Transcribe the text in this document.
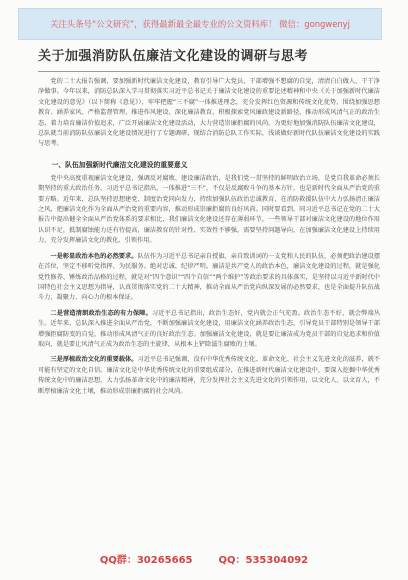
关注头条号“公文研究”，获得最新最全最专业的公文资料库！ 微信：gongwenyj
关于加强消防队伍廉洁文化建设的调研与思考

党的二十大报告强调，要加强新时代廉洁文化建设，教育引导广大党员、干部增强不想腐的自觉，清清白白做人、干干净净做事。今年以来，消防总队深入学习贯彻落实习近平总书记关于廉洁文化建设的重要论述精神和中央《关于加强新时代廉洁文化建设的意见》（以下简称《意见》），牢牢把握“三不腐”一体推进理念，充分发挥红色资源和传统文化优势，围绕加强思想教育、涵养家风、严格监督管理、推进作风建设、深化廉洁教育，积极探索党风廉政建设新路径，推动形成风清气正的政治生态，着力培育廉洁价值追求，广泛开展廉洁文化建设活动，大力营造崇廉拒腐的风尚。为更好地加强消防队伍廉洁文化建设，总队就当前消防队伍廉洁文化建设情况进行了专题调研，现结合消防总队工作实际，浅谈做好新时代队伍廉洁文化建设的实践与思考。

一、队伍加强新时代廉洁文化建设的重要意义

党中央高度重视廉洁文化建设，强调反对腐败、建设廉洁政治，是我们党一贯坚持的鲜明政治立场，是党自我革命必须长期坚持的重大政治任务。习近平总书记指出，一体推进“三不”，不仅是反腐败斗争的基本方针，也是新时代全面从严治党的重要方略。近年来，总队坚持思想建党、制度治党同向发力，持续加强队伍政治忠诚教育，在消防救援队伍中大力弘扬清正廉洁之风，把廉洁文化作为全面从严治党的重要内容，推动形成崇廉拒腐的良好风尚。同时要看到，同习近平总书记在党的二十大报告中提出健全全面从严治党体系的要求相比，我们廉洁文化建设还存在薄弱环节，一些领导干部对廉洁文化建设的地位作用认识不足，抵制腐蚀能力还有待提高，廉洁教育的针对性、实效性不够强，需要坚持问题导向，在加强廉洁文化建设上持续用力，充分发挥廉洁文化的教化、引领作用。

一是彰显政治本色的必然要求。队伍作为习近平总书记亲自授旗、亲自致训词的一支党和人民的队伍，必须把政治建设摆在首位，坚定不移听党指挥、为民服务。绝对忠诚、纪律严明。廉洁是共产党人的政治本色，廉洁文化建设的过程，就是强化党性修养、锤炼政治品格的过程，就是对“四个意识”“四个自信”“两个维护”等政治要求的具体落实，是坚持以习近平新时代中国特色社会主义思想为指导，认真贯彻落实党的二十大精神，推动全面从严治党向纵深发展的必然要求，也是全面提升队伍战斗力、凝聚力、向心力的根本保证。

二是营造清朗政治生态的有力保障。习近平总书记指出，政治生态好，党内就会正气充盈。政治生态不好，就会弊端丛生。近年来，总队深入推进全面从严治党，不断加强廉洁文化建设，用廉洁文化涵养政治生态，引导党员干部特别是领导干部增强拒腐防变的自觉，推动形成风清气正的良好政治生态。加强廉洁文化建设，就是要让廉洁成为党员干部的自觉追求和价值取向，就是要让风清气正成为政治生态的主旋律，从根本上铲除滋生腐败的土壤。

三是厚植政治文化的重要载体。习近平总书记强调，没有中华优秀传统文化、革命文化、社会主义先进文化的滋养，就不可能有坚定的文化自信。廉洁文化是中华优秀传统文化的重要组成部分，在推进新时代廉洁文化建设中，要深入挖掘中华优秀传统文化中的廉洁思想，大力弘扬革命文化中的廉洁精神，充分发挥社会主义先进文化的引领作用，以文化人、以文育人，不断厚植廉洁文化土壤，推动形成崇廉拒腐的社会风尚。

QQ群：30265665	QQ：535304092
